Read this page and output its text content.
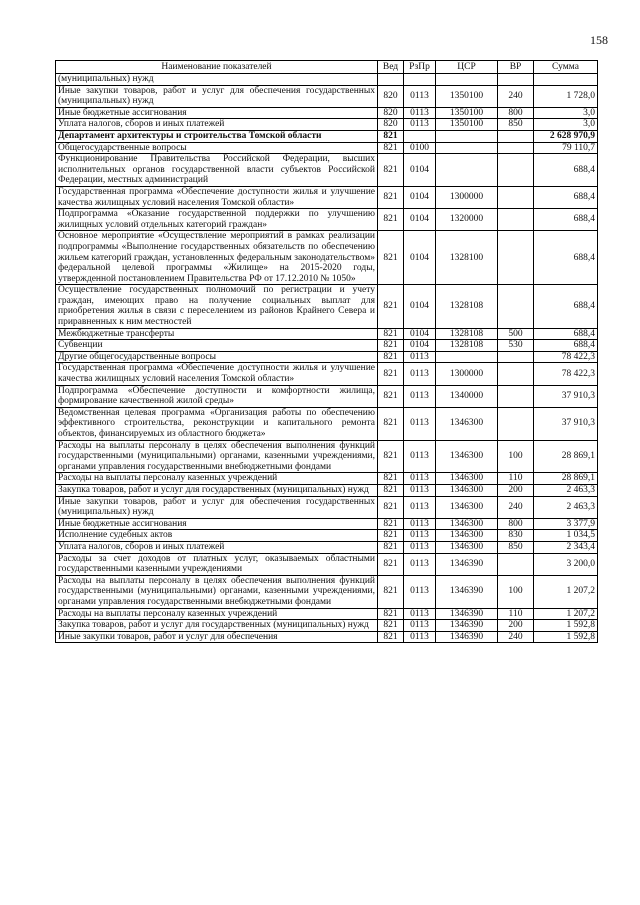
158
Наименование показателей	Вед	РзПр	ЦСР	ВР	Сумма
(муниципальных) нужд					
Иные закупки товаров, работ и услуг для обеспечения государственных (муниципальных) нужд	820	0113	1350100	240	1 728,0
Иные бюджетные ассигнования	820	0113	1350100	800	3,0
Уплата налогов, сборов и иных платежей	820	0113	1350100	850	3,0
Департамент архитектуры и строительства Томской области	821				2 628 970,9
Общегосударственные вопросы	821	0100			79 110,7
Функционирование Правительства Российской Федерации, высших исполнительных органов государственной власти субъектов Российской Федерации, местных администраций	821	0104			688,4
Государственная программа «Обеспечение доступности жилья и улучшение качества жилищных условий населения Томской области»	821	0104	1300000		688,4
Подпрограмма «Оказание государственной поддержки по улучшению жилищных условий отдельных категорий граждан»	821	0104	1320000		688,4
Основное мероприятие «Осуществление мероприятий в рамках реализации подпрограммы «Выполнение государственных обязательств по обеспечению жильем категорий граждан, установленных федеральным законодательством» федеральной целевой программы «Жилище» на 2015-2020 годы, утвержденной постановлением Правительства РФ от 17.12.2010 № 1050»	821	0104	1328100		688,4
Осуществление государственных полномочий по регистрации и учету граждан, имеющих право на получение социальных выплат для приобретения жилья в связи с переселением из районов Крайнего Севера и приравненных к ним местностей	821	0104	1328108		688,4
Межбюджетные трансферты	821	0104	1328108	500	688,4
Субвенции	821	0104	1328108	530	688,4
Другие общегосударственные вопросы	821	0113			78 422,3
Государственная программа «Обеспечение доступности жилья и улучшение качества жилищных условий населения Томской области»	821	0113	1300000		78 422,3
Подпрограмма «Обеспечение доступности и комфортности жилища, формирование качественной жилой среды»	821	0113	1340000		37 910,3
Ведомственная целевая программа «Организация работы по обеспечению эффективного строительства, реконструкции и капитального ремонта объектов, финансируемых из областного бюджета»	821	0113	1346300		37 910,3
Расходы на выплаты персоналу в целях обеспечения выполнения функций государственными (муниципальными) органами, казенными учреждениями, органами управления государственными внебюджетными фондами	821	0113	1346300	100	28 869,1
Расходы на выплаты персоналу казенных учреждений	821	0113	1346300	110	28 869,1
Закупка товаров, работ и услуг для государственных (муниципальных) нужд	821	0113	1346300	200	2 463,3
Иные закупки товаров, работ и услуг для обеспечения государственных (муниципальных) нужд	821	0113	1346300	240	2 463,3
Иные бюджетные ассигнования	821	0113	1346300	800	3 377,9
Исполнение судебных актов	821	0113	1346300	830	1 034,5
Уплата налогов, сборов и иных платежей	821	0113	1346300	850	2 343,4
Расходы за счет доходов от платных услуг, оказываемых областными государственными казенными учреждениями	821	0113	1346390		3 200,0
Расходы на выплаты персоналу в целях обеспечения выполнения функций государственными (муниципальными) органами, казенными учреждениями, органами управления государственными внебюджетными фондами	821	0113	1346390	100	1 207,2
Расходы на выплаты персоналу казенных учреждений	821	0113	1346390	110	1 207,2
Закупка товаров, работ и услуг для государственных (муниципальных) нужд	821	0113	1346390	200	1 592,8
Иные закупки товаров, работ и услуг для обеспечения	821	0113	1346390	240	1 592,8
